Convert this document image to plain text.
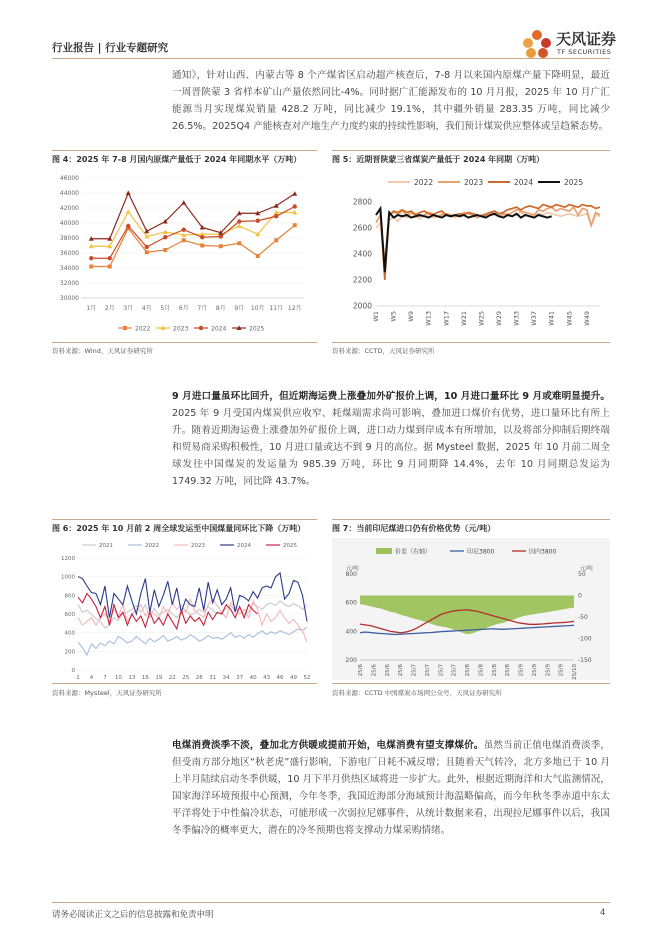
行业报告 | 行业专题研究	天风证券
TF SECURITIES

通知》，针对山西、内蒙古等 8 个产煤省区启动超产核查后，7-8 月以来国内原煤产量下降明显，最近一周晋陕蒙 3 省样本矿山产量依然同比-4%。同时据广汇能源发布的 10 月月报，2025 年 10 月广汇能源当月实现煤炭销量 428.2 万吨，同比减少 19.1%，其中疆外销量 283.35 万吨，同比减少 26.5%。2025Q4 产能核查对产地生产力度约束的持续性影响，我们预计煤炭供应整体或呈趋紧态势。

图 4：2025 年 7-8 月国内原煤产量低于 2024 年同期水平（万吨）
30000
32000
34000
36000
38000
40000
42000
44000
46000
1月 2月 3月 4月 5月 6月 7月 8月 9月 10月 11月 12月
2022	2023	2024	2025
资料来源：Wind、天风证券研究所
图 5：近期晋陕蒙三省煤炭产量低于 2024 年同期（万吨）
2000
2200
2400
2600
2800
W1 W5 W9 W13 W17 W21 W25 W29 W33 W37 W41 W45 W49
2022	2023	2024	2025
资料来源：CCTD，天风证券研究所

9 月进口量虽环比回升，但近期海运费上涨叠加外矿报价上调，10 月进口量环比 9 月或难明显提升。2025 年 9 月受国内煤炭供应收窄、耗煤端需求尚可影响，叠加进口煤价有优势，进口量环比有所上升。随着近期海运费上涨叠加外矿报价上调，进口动力煤到岸成本有所增加，以及将部分抑制后期终端和贸易商采购积极性，10 月进口量或达不到 9 月的高位。据 Mysteel 数据，2025 年 10 月前二周全球发往中国煤炭的发运量为 985.39 万吨，环比 9 月同期降 14.4%，去年 10 月同期总发运为 1749.32 万吨，同比降 43.7%。

图 6：2025 年 10 月前 2 周全球发运至中国煤量同环比下降（万吨）
0
200
400
600
800
1000
1200
1 4 7 10 13 16 19 22 25 28 31 34 37 40 43 46 49 52
2021	2022	2023	2024	2025
资料来源：Mysteel，天风证券研究所
图 7：当前印尼煤进口仍有价格优势（元/吨）
元/吨	元/吨
200
400
600
800
-150
-100
-50
0
50
25/6 25/6 25/6 25/6 25/7 25/7 25/7 25/7 25/8 25/8 25/8 25/8 25/9 25/9 25/9 25/9 25/10
价差（右轴）	印尼3800	国内3800
资料来源：CCTD 中国煤炭市场网公众号，天风证券研究所

电煤消费淡季不淡，叠加北方供暖或提前开始，电煤消费有望支撑煤价。虽然当前正值电煤消费淡季，但受南方部分地区“秋老虎”盛行影响，下游电厂日耗不减反增；且随着天气转冷，北方多地已于 10 月上半月陆续启动冬季供暖，10 月下半月供热区域将进一步扩大。此外，根据近期海洋和大气监测情况，国家海洋环境预报中心预测，今年冬季，我国近海部分海域预计海温略偏高，而今年秋冬季赤道中东太平洋将处于中性偏冷状态，可能形成一次弱拉尼娜事件，从统计数据来看，出现拉尼娜事件以后，我国冬季偏冷的概率更大，潜在的冷冬预期也将支撑动力煤采购情绪。

请务必阅读正文之后的信息披露和免责申明	4
